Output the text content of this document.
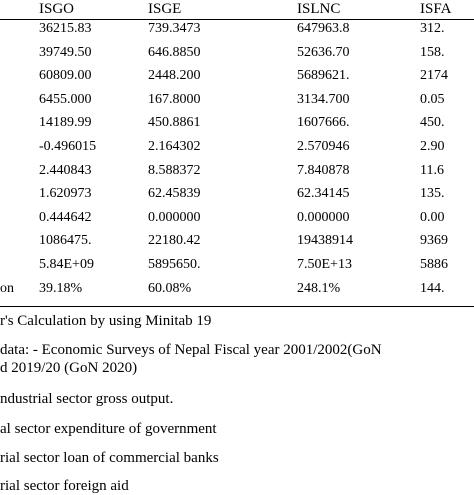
ISGO	ISGE	ISLNC	ISFA
36215.83	739.3473	647963.8	312.
39749.50	646.8850	52636.70	158.
60809.00	2448.200	5689621.	2174
6455.000	167.8000	3134.700	0.05
14189.99	450.8861	1607666.	450.
-0.496015	2.164302	2.570946	2.90
2.440843	8.588372	7.840878	11.6
1.620973	62.45839	62.34145	135.
0.444642	0.000000	0.000000	0.00
1086475.	22180.42	19438914	9369
5.84E+09	5895650.	7.50E+13	5886
on 39.18%	60.08%	248.1%	144.
r's Calculation by using Minitab 19
data: - Economic Surveys of Nepal Fiscal year 2001/2002(GoN
d 2019/20 (GoN 2020)
ndustrial sector gross output.
al sector expenditure of government
rial sector loan of commercial banks
rial sector foreign aid
